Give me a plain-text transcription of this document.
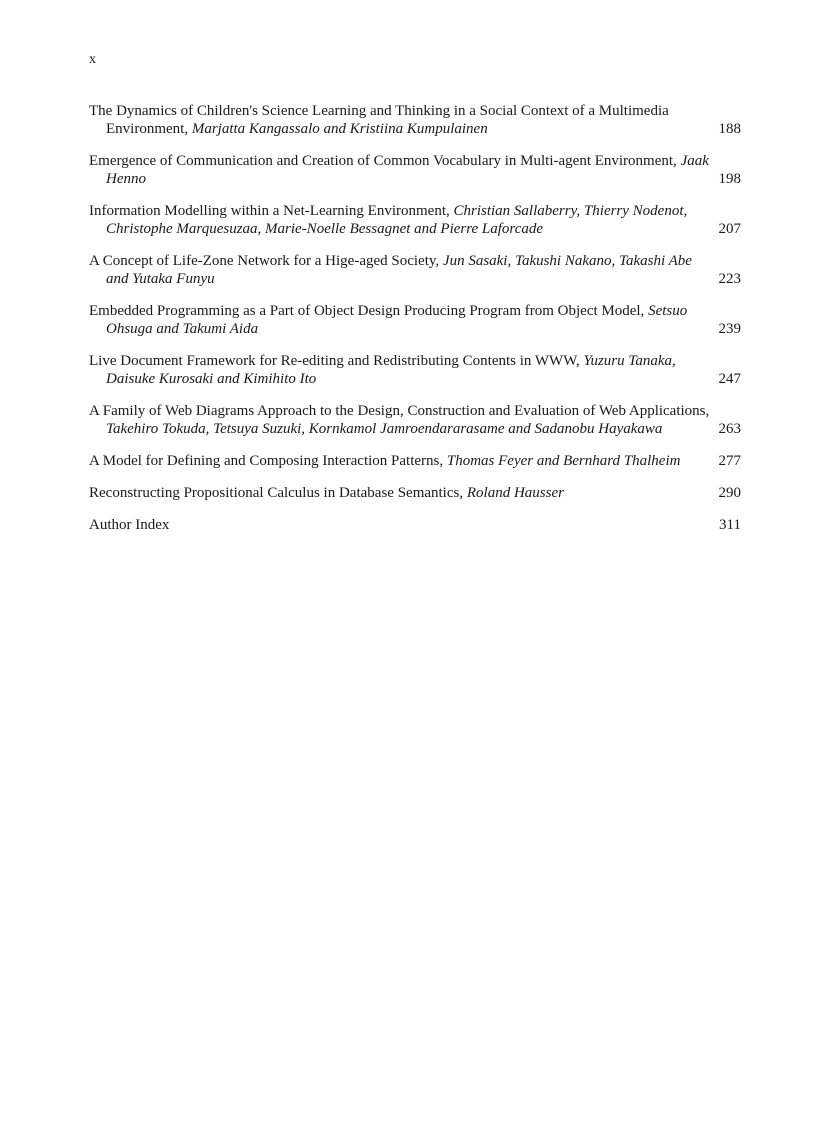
x
The Dynamics of Children's Science Learning and Thinking in a Social Context of a Multimedia Environment, Marjatta Kangassalo and Kristiina Kumpulainen	188
Emergence of Communication and Creation of Common Vocabulary in Multi-agent Environment, Jaak Henno	198
Information Modelling within a Net-Learning Environment, Christian Sallaberry, Thierry Nodenot, Christophe Marquesuzaa, Marie-Noelle Bessagnet and Pierre Laforcade	207
A Concept of Life-Zone Network for a Hige-aged Society, Jun Sasaki, Takushi Nakano, Takashi Abe and Yutaka Funyu	223
Embedded Programming as a Part of Object Design Producing Program from Object Model, Setsuo Ohsuga and Takumi Aida	239
Live Document Framework for Re-editing and Redistributing Contents in WWW, Yuzuru Tanaka, Daisuke Kurosaki and Kimihito Ito	247
A Family of Web Diagrams Approach to the Design, Construction and Evaluation of Web Applications, Takehiro Tokuda, Tetsuya Suzuki, Kornkamol Jamroendararasame and Sadanobu Hayakawa	263
A Model for Defining and Composing Interaction Patterns, Thomas Feyer and Bernhard Thalheim	277
Reconstructing Propositional Calculus in Database Semantics, Roland Hausser	290
Author Index	311
